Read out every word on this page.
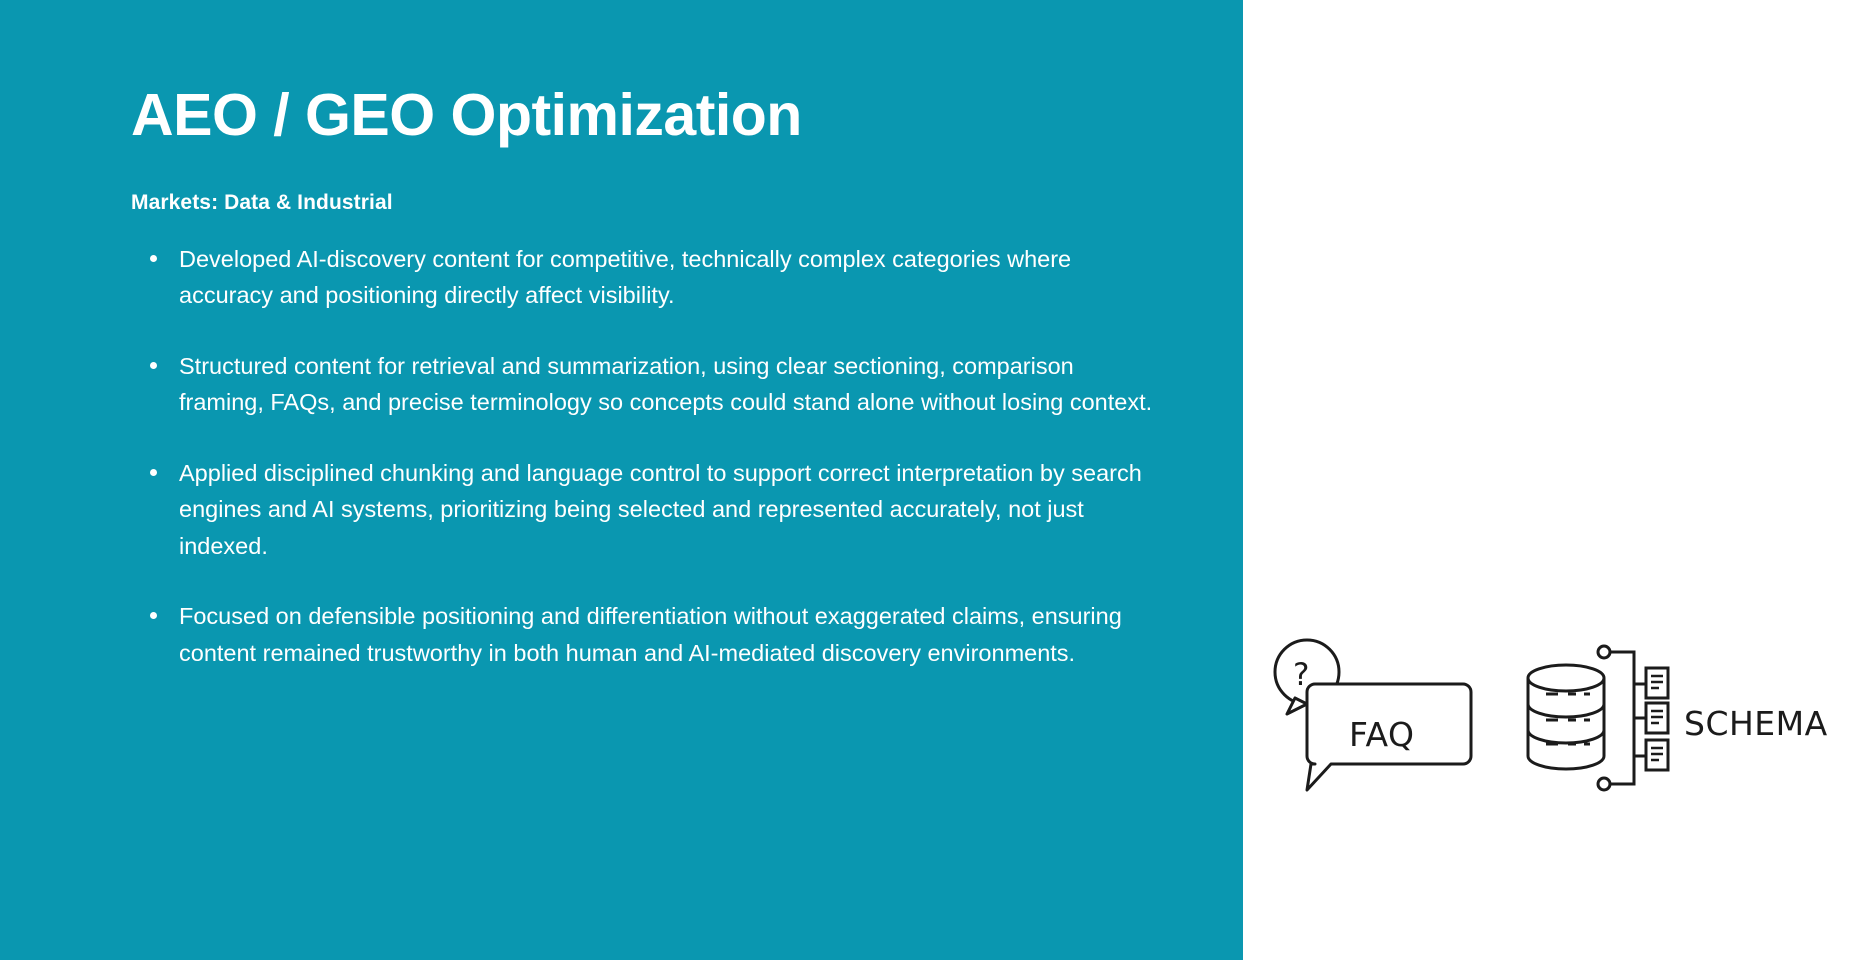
AEO / GEO Optimization
Markets: Data & Industrial
Developed AI-discovery content for competitive, technically complex categories where accuracy and positioning directly affect visibility.
Structured content for retrieval and summarization, using clear sectioning, comparison framing, FAQs, and precise terminology so concepts could stand alone without losing context.
Applied disciplined chunking and language control to support correct interpretation by search engines and AI systems, prioritizing being selected and represented accurately, not just indexed.
Focused on defensible positioning and differentiation without exaggerated claims, ensuring content remained trustworthy in both human and AI-mediated discovery environments.
?
FAQ	SCHEMA
